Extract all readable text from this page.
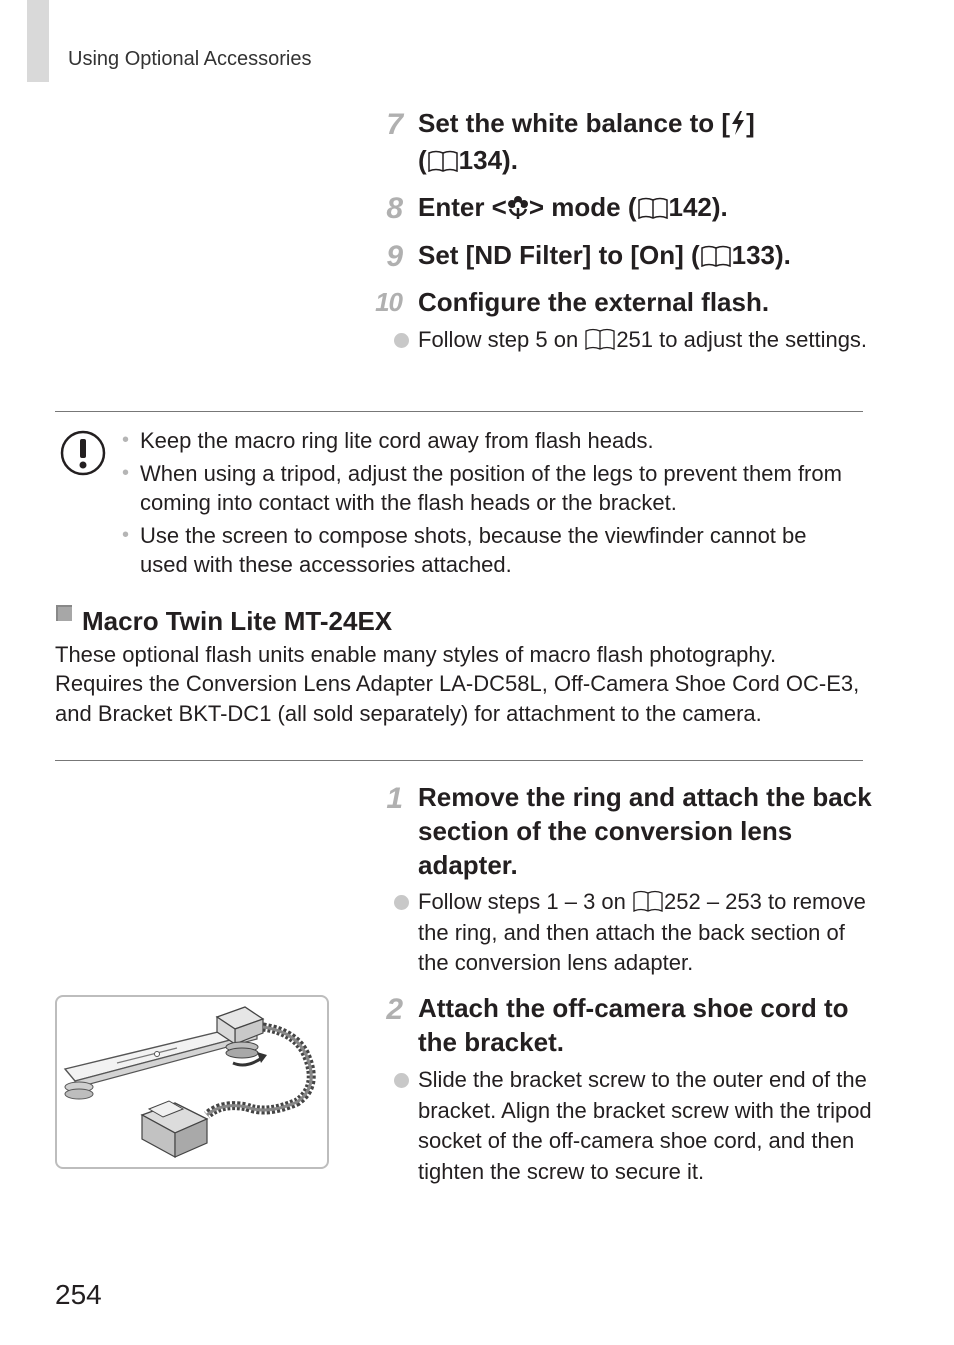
Using Optional Accessories
7 Set the white balance to [ ]
( 134).
8 Enter < > mode ( 142).
9 Set [ND Filter] to [On] ( 133).
10 Configure the external flash.
Follow step 5 on
251 to adjust the settings.
• Keep the macro ring lite cord away from flash heads.
• When using a tripod, adjust the position of the legs to prevent them from coming into contact with the flash heads or the bracket.
• Use the screen to compose shots, because the viewfinder cannot be used with these accessories attached.
Macro Twin Lite MT-24EX
These optional flash units enable many styles of macro flash photography. Requires the Conversion Lens Adapter LA-DC58L, Off-Camera Shoe Cord OC-E3, and Bracket BKT-DC1 (all sold separately) for attachment to the camera.
1 Remove the ring and attach the back section of the conversion lens adapter.
Follow steps 1 – 3 on
252 – 253 to remove the ring, and then attach the back section of the conversion lens adapter.
2 Attach the off-camera shoe cord to the bracket.
Slide the bracket screw to the outer end of the bracket. Align the bracket screw with the tripod socket of the off-camera shoe cord, and then tighten the screw to secure it.
254
